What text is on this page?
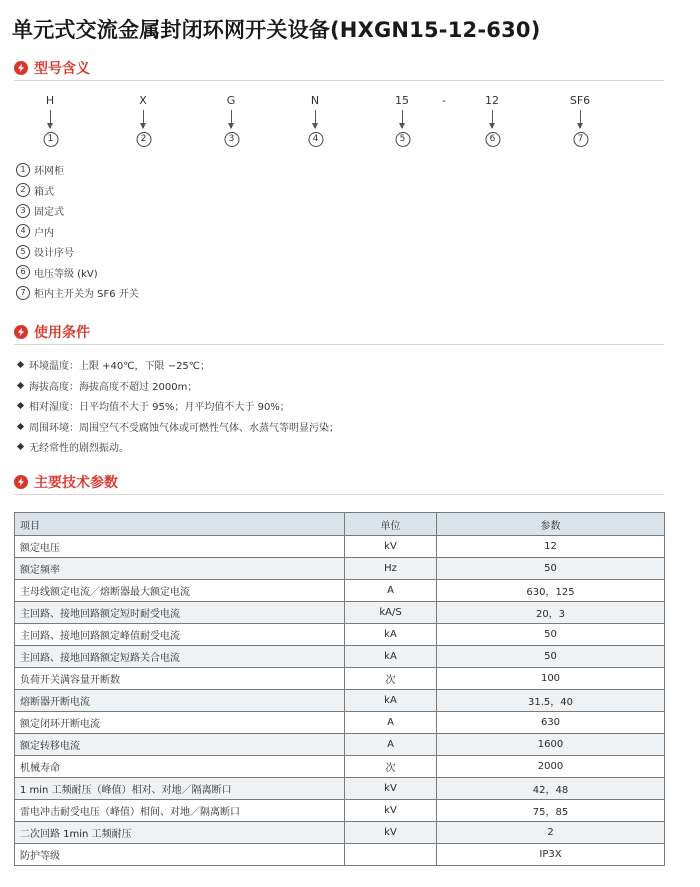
单元式交流金属封闭环网开关设备(HXGN15-12-630)
型号含义
H
1
X
2
G
3
N
4
15
5
12
6
SF6
7
-
1 环网柜
2 箱式
3 固定式
4 户内
5 设计序号
6 电压等级 (kV)
7 柜内主开关为 SF6 开关
使用条件
环境温度：上限 +40℃，下限 −25℃；
海拔高度：海拔高度不超过 2000m；
相对湿度：日平均值不大于 95%；月平均值不大于 90%；
周围环境：周围空气不受腐蚀气体或可燃性气体、水蒸气等明显污染；
无经常性的剧烈振动。
主要技术参数
项目	单位	参数
额定电压	kV	12
额定频率	Hz	50
主母线额定电流／熔断器最大额定电流	A	630，125
主回路、接地回路额定短时耐受电流	kA/S	20，3
主回路、接地回路额定峰值耐受电流	kA	50
主回路、接地回路额定短路关合电流	kA	50
负荷开关满容量开断数	次	100
熔断器开断电流	kA	31.5，40
额定闭环开断电流	A	630
额定转移电流	A	1600
机械寿命	次	2000
1 min 工频耐压（峰值）相对、对地／隔离断口	kV	42，48
雷电冲击耐受电压（峰值）相间、对地／隔离断口	kV	75，85
二次回路 1min 工频耐压	kV	2
防护等级		IP3X
